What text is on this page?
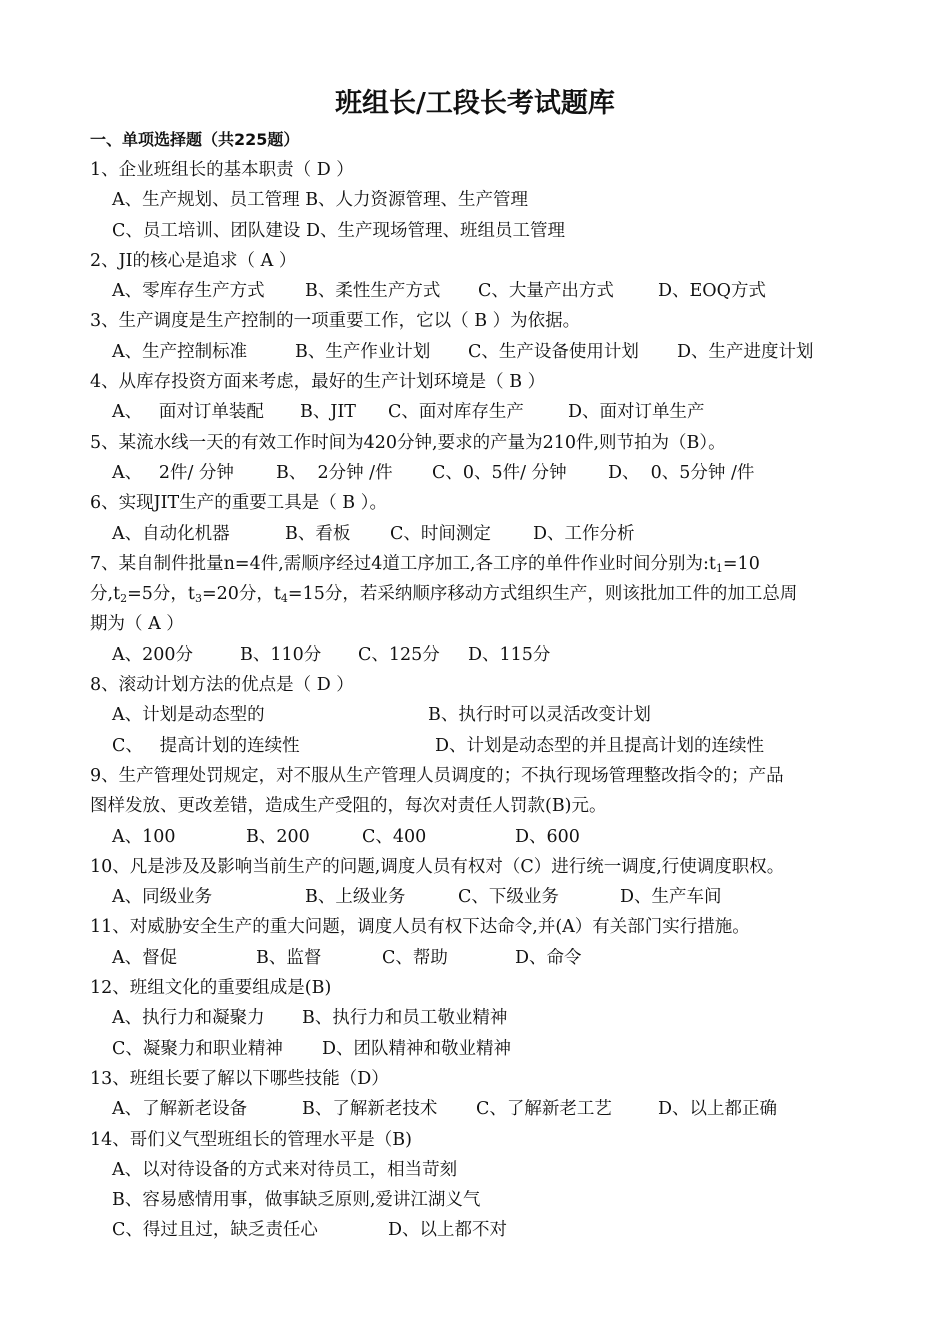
班组长/工段长考试题库
一、单项选择题（共225题）
1、企业班组长的基本职责（ D ）
A、生产规划、员工管理 B、人力资源管理、生产管理
C、员工培训、团队建设 D、生产现场管理、班组员工管理
2、JI的核心是追求（ A ）

A、零库存生产方式

B、柔性生产方式

C、大量产出方式

	D、EOQ方式

3、生产调度是生产控制的一项重要工作，它以（ B ）为依据。

A、生产控制标准

	B、生产作业计划

C、生产设备使用计划

D、生产进度计划

4、从库存投资方面来考虑，最好的生产计划环境是（ B ）

A、   面对订单装配

B、JIT

C、面对库存生产

	D、面对订单生产

5、某流水线一天的有效工作时间为420分钟,要求的产量为210件,则节拍为（B）。

A、   2件/ 分钟

B、  2分钟 /件

C、0、5件/ 分钟

D、  0、5分钟 /件

6、实现JIT生产的重要工具是（ B ）。

A、自动化机器

	B、看板

C、时间测定

D、工作分析

7、某自制件批量n=4件,需顺序经过4道工序加工,各工序的单件作业时间分别为$:t_1=10$
分$,t_2=5$分，$t_3=20$分，$t_4=15$分，若采纳顺序移动方式组织生产，则该批加工件的加工总周
期为（ A ）

A、200分

	B、110分

C、125分

D、115分

8、滚动计划方法的优点是（ D ）

A、计划是动态型的

	B、执行时可以灵活改变计划

C、   提高计划的连续性

	D、计划是动态型的并且提高计划的连续性

9、生产管理处罚规定，对不服从生产管理人员调度的；不执行现场管理整改指令的；产品
图样发放、更改差错，造成生产受阻的，每次对责任人罚款(B)元。

A、100

	B、200

	C、400

	D、600

10、凡是涉及及影响当前生产的问题,调度人员有权对（C）进行统一调度,行使调度职权。

A、同级业务

	B、上级业务

	C、下级业务

	D、生产车间

11、对威胁安全生产的重大问题，调度人员有权下达命令,并(A）有关部门实行措施。

A、督促

	B、监督

	C、帮助

	D、命令

12、班组文化的重要组成是(B)

A、执行力和凝聚力

B、执行力和员工敬业精神

C、凝聚力和职业精神

D、团队精神和敬业精神

13、班组长要了解以下哪些技能（D）

A、了解新老设备

	B、了解新老技术

C、了解新老工艺

	D、以上都正确

14、哥们义气型班组长的管理水平是（B)
A、以对待设备的方式来对待员工，相当苛刻
B、容易感情用事，做事缺乏原则,爱讲江湖义气

C、得过且过，缺乏责任心

	D、以上都不对
